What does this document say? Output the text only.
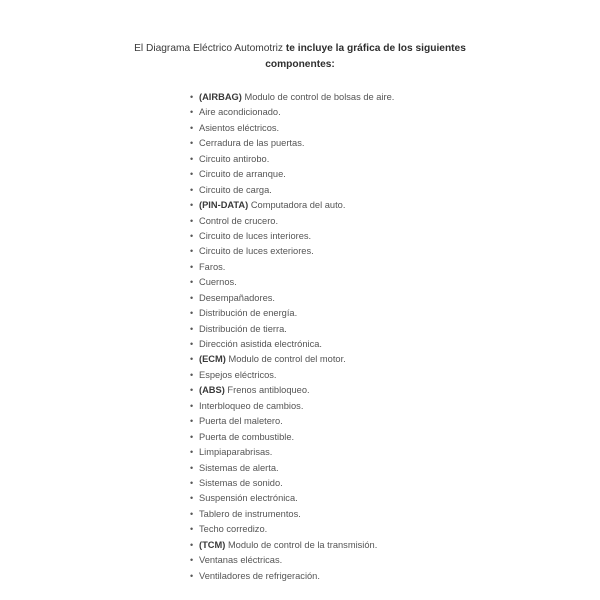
El Diagrama Eléctrico Automotriz te incluye la gráfica de los siguientes componentes:

• (AIRBAG) Modulo de control de bolsas de aire.
• Aire acondicionado.
• Asientos eléctricos.
• Cerradura de las puertas.
• Circuito antirobo.
• Circuito de arranque.
• Circuito de carga.
• (PIN-DATA) Computadora del auto.
• Control de crucero.
• Circuito de luces interiores.
• Circuito de luces exteriores.
• Faros.
• Cuernos.
• Desempañadores.
• Distribución de energía.
• Distribución de tierra.
• Dirección asistida electrónica.
• (ECM) Modulo de control del motor.
• Espejos eléctricos.
• (ABS) Frenos antibloqueo.
• Interbloqueo de cambios.
• Puerta del maletero.
• Puerta de combustible.
• Limpiaparabrisas.
• Sistemas de alerta.
• Sistemas de sonido.
• Suspensión electrónica.
• Tablero de instrumentos.
• Techo corredizo.
• (TCM) Modulo de control de la transmisión.
• Ventanas eléctricas.
• Ventiladores de refrigeración.
